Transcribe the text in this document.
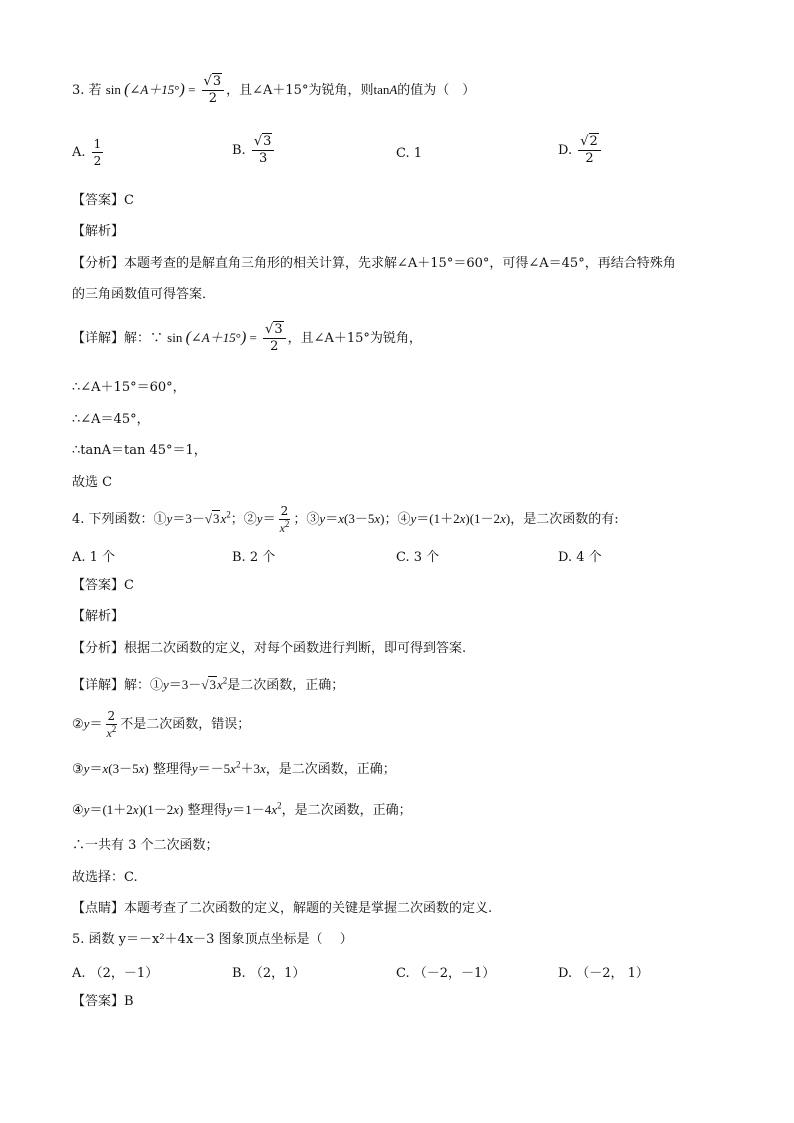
3. 若 sin (∠A＋15°) = $\frac{√3}{2}$ ，且∠A＋15°为锐角，则tanA的值为（　）
A. $\frac{1}{2}$	B. $\frac{√3}{3}$	C. 1	D. $\frac{√2}{2}$
【答案】C
【解析】
【分析】本题考查的是解直角三角形的相关计算，先求解∠A＋15°＝60°，可得∠A＝45°，再结合特殊角
的三角函数值可得答案．
【详解】解：∵ sin (∠A＋15°) = $\frac{√3}{2}$ ，且∠A＋15°为锐角，
∴∠A＋15°＝60°，
∴∠A＝45°，
∴tanA＝tan 45°＝1，
故选 C
4. 下列函数：$①y=3-√3x^2$；②y＝ $\frac{2}{x^2}$ ；③y＝x(3－5x)；④y＝(1＋2x)(1－2x)，是二次函数的有:
A. 1 个	B. 2 个	C. 3 个	D. 4 个
【答案】C
【解析】
【分析】根据二次函数的定义，对每个函数进行判断，即可得到答案.
【详解】解：$①y=3-√3x^2$是二次函数，正确；
②y＝ $\frac{2}{x^2}$ 不是二次函数，错误；
③y＝x(3－5x) 整理得$y=-5x^2+3x$，是二次函数，正确；
④y＝(1＋2x)(1－2x) 整理得$y=1-4x^2$，是二次函数，正确；
∴一共有 3 个二次函数；
故选择：C.
【点睛】本题考查了二次函数的定义，解题的关键是掌握二次函数的定义.
5. 函数 y＝－x²＋4x－3 图象顶点坐标是（　 ）
A. （2，－1）	B. （2，1）	C. （－2，－1）	D. （－2， 1）
【答案】B
